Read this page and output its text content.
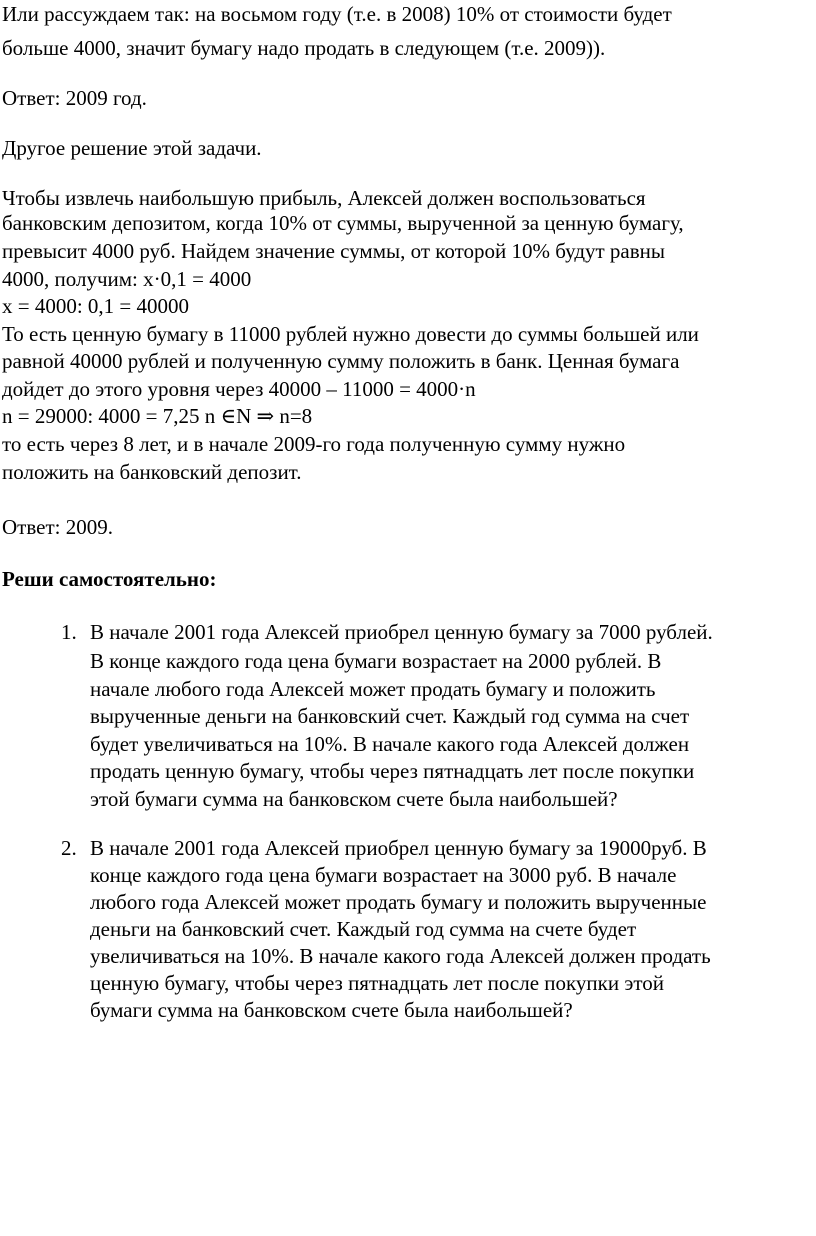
Или рассуждаем так: на восьмом году (т.е. в 2008) 10% от стоимости будет
больше 4000, значит бумагу надо продать в следующем (т.е. 2009)).
Ответ: 2009 год.
Другое решение этой задачи.
Чтобы извлечь наибольшую прибыль, Алексей должен воспользоваться
банковским депозитом, когда 10% от суммы, вырученной за ценную бумагу,
превысит 4000 руб. Найдем значение суммы, от которой 10% будут равны
4000, получим: x·0,1 = 4000
x = 4000: 0,1 = 40000
То есть ценную бумагу в 11000 рублей нужно довести до суммы большей или
равной 40000 рублей и полученную сумму положить в банк. Ценная бумага
дойдет до этого уровня через 40000 – 11000 = 4000·n
n = 29000: 4000 = 7,25 n ∈N ⇒ n=8
то есть через 8 лет, и в начале 2009-го года полученную сумму нужно
положить на банковский депозит.
Ответ: 2009.
Реши самостоятельно:
1. В начале 2001 года Алексей приобрел ценную бумагу за 7000 рублей.
В конце каждого года цена бумаги возрастает на 2000 рублей. В
начале любого года Алексей может продать бумагу и положить
вырученные деньги на банковский счет. Каждый год сумма на счет
будет увеличиваться на 10%. В начале какого года Алексей должен
продать ценную бумагу, чтобы через пятнадцать лет после покупки
этой бумаги сумма на банковском счете была наибольшей?
2. В начале 2001 года Алексей приобрел ценную бумагу за 19000руб. В
конце каждого года цена бумаги возрастает на 3000 руб. В начале
любого года Алексей может продать бумагу и положить вырученные
деньги на банковский счет. Каждый год сумма на счете будет
увеличиваться на 10%. В начале какого года Алексей должен продать
ценную бумагу, чтобы через пятнадцать лет после покупки этой
бумаги сумма на банковском счете была наибольшей?
